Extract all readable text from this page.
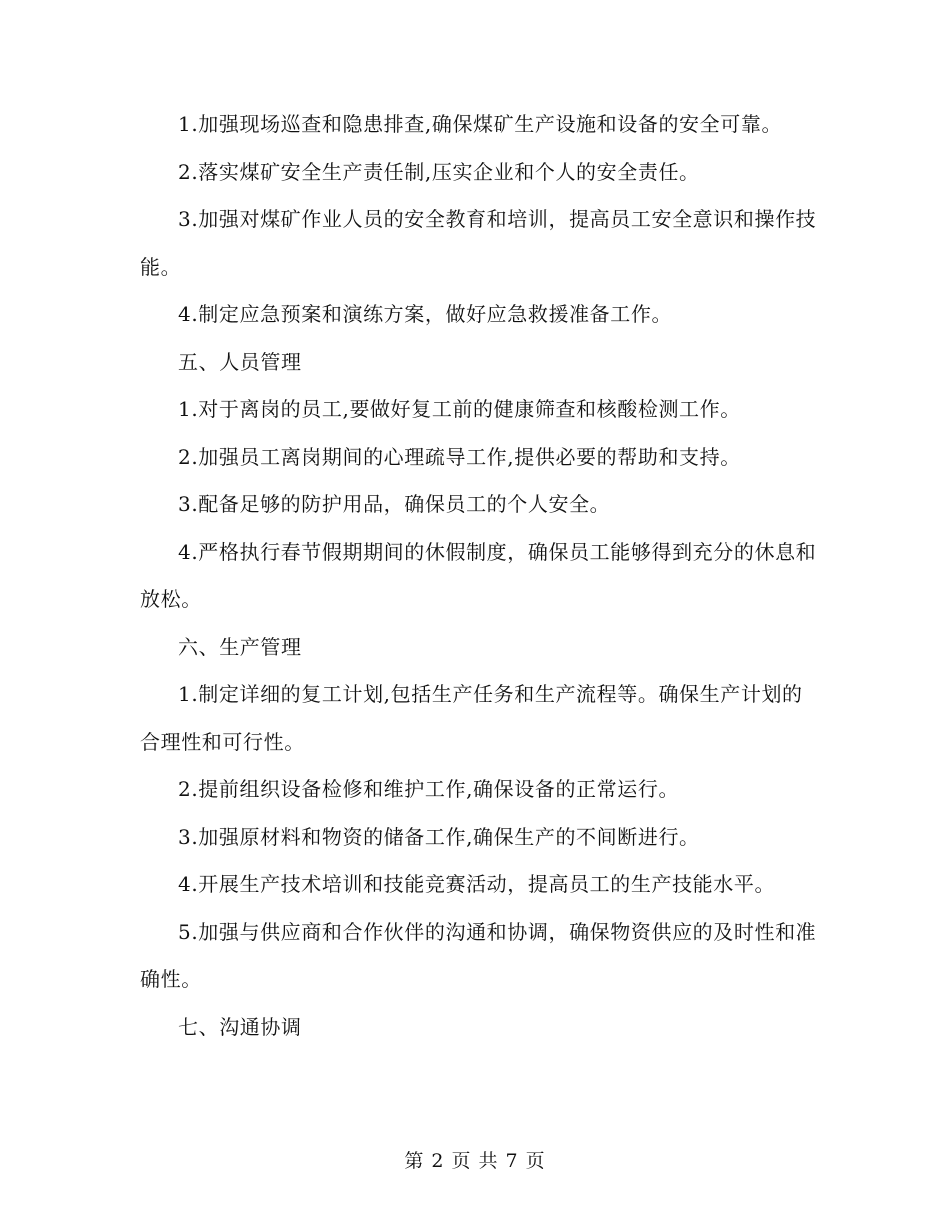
1.加强现场巡查和隐患排查,确保煤矿生产设施和设备的安全可靠。

2.落实煤矿安全生产责任制,压实企业和个人的安全责任。

3.加强对煤矿作业人员的安全教育和培训，提高员工安全意识和操作技能。

4.制定应急预案和演练方案，做好应急救援准备工作。

五、人员管理

1.对于离岗的员工,要做好复工前的健康筛查和核酸检测工作。

2.加强员工离岗期间的心理疏导工作,提供必要的帮助和支持。

3.配备足够的防护用品，确保员工的个人安全。

4.严格执行春节假期期间的休假制度，确保员工能够得到充分的休息和放松。

六、生产管理

1.制定详细的复工计划,包括生产任务和生产流程等。确保生产计划的合理性和可行性。

2.提前组织设备检修和维护工作,确保设备的正常运行。

3.加强原材料和物资的储备工作,确保生产的不间断进行。

4.开展生产技术培训和技能竞赛活动，提高员工的生产技能水平。

5.加强与供应商和合作伙伴的沟通和协调，确保物资供应的及时性和准确性。

七、沟通协调

第 2 页 共 7 页
